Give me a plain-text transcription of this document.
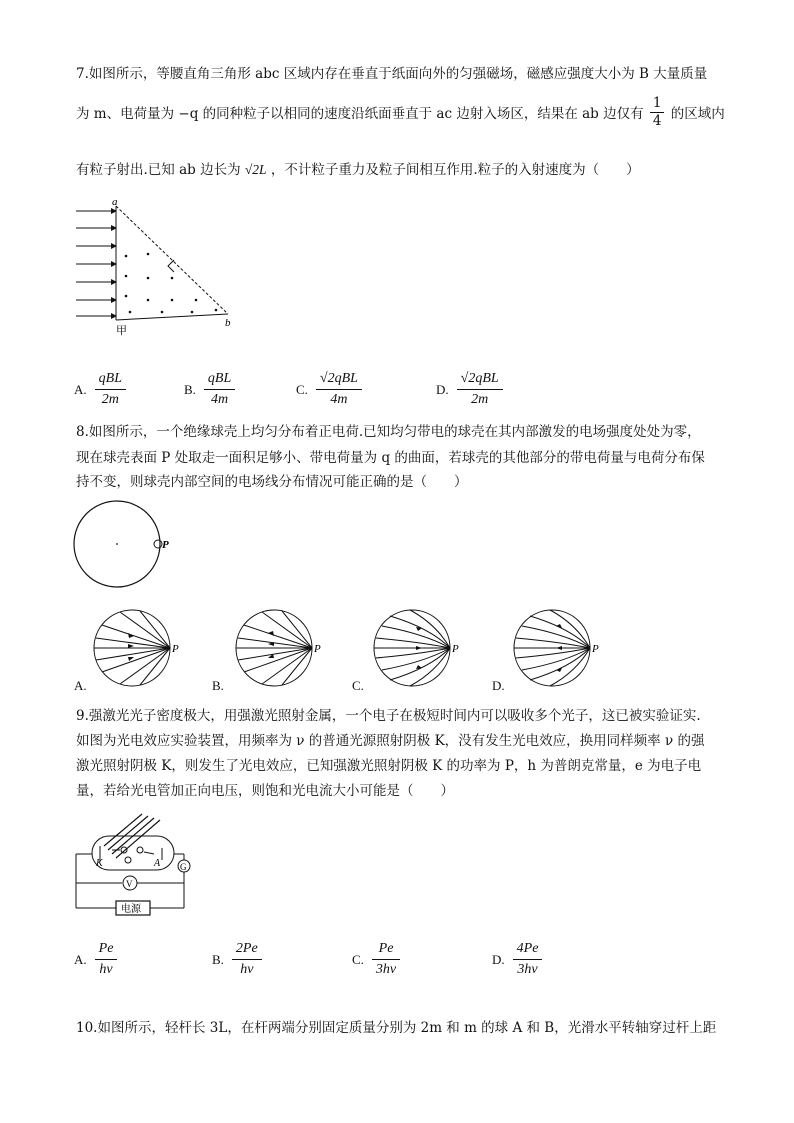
7.如图所示，等腰直角三角形 abc 区域内存在垂直于纸面向外的匀强磁场，磁感应强度大小为 B 大量质量
为 m、电荷量为 −q 的同种粒子以相同的速度沿纸面垂直于 ac 边射入场区，结果在 ab 边仅有 $\frac{1}{4}$ 的区域内
有粒子射出.已知 ab 边长为 √2L ，不计粒子重力及粒子间相互作用.粒子的入射速度为（　　）
a
b
甲
A.
qBL
2m
B.
qBL
4m
C.
√2qBL
4m
D.
√2qBL
2m
8.如图所示，一个绝缘球壳上均匀分布着正电荷.已知均匀带电的球壳在其内部激发的电场强度处处为零，
现在球壳表面 P 处取走一面积足够小、带电荷量为 q 的曲面，若球壳的其他部分的带电荷量与电荷分布保
持不变，则球壳内部空间的电场线分布情况可能正确的是（　　）
P
P	P	P	P
A.	B.	C.	D.
9.强激光光子密度极大，用强激光照射金属，一个电子在极短时间内可以吸收多个光子，这已被实验证实.
如图为光电效应实验装置，用频率为 ν 的普通光源照射阴极 K，没有发生光电效应，换用同样频率 ν 的强
激光照射阴极 K，则发生了光电效应，已知强激光照射阴极 K 的功率为 P，h 为普朗克常量，e 为电子电
量，若给光电管加正向电压，则饱和光电流大小可能是（　　）
K	A G
V
电源
A. $\frac{Pe}{h\nu}$	B. $\frac{2Pe}{h\nu}$	C. $\frac{Pe}{3h\nu}$	D. $\frac{4Pe}{3h\nu}$
10.如图所示，轻杆长 3L，在杆两端分别固定质量分别为 2m 和 m 的球 A 和 B，光滑水平转轴穿过杆上距
